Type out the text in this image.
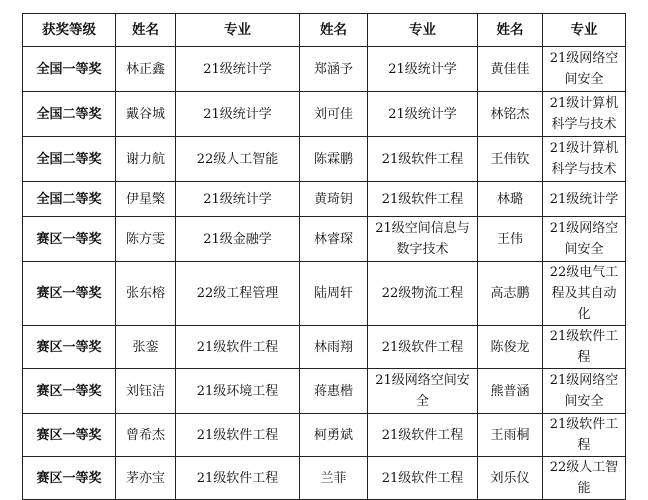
获奖等级	姓名	专业	姓名	专业	姓名	专业
全国一等奖	林正鑫	21级统计学	郑涵予	21级统计学	黄佳佳	21级网络空间安全
全国二等奖	戴谷城	21级统计学	刘可佳	21级统计学	林铭杰	21级计算机科学与技术
全国二等奖	谢力航	22级人工智能	陈霖鹏	21级软件工程	王伟钦	21级计算机科学与技术
全国二等奖	伊星檠	21级统计学	黄琦钥	21级软件工程	林璐	21级统计学
赛区一等奖	陈方雯	21级金融学	林睿琛	21级空间信息与数字技术	王伟	21级网络空间安全
赛区一等奖	张东榕	22级工程管理	陆周轩	22级物流工程	高志鹏	22级电气工程及其自动化
赛区一等奖	张銮	21级软件工程	林雨翔	21级软件工程	陈俊龙	21级软件工程
赛区一等奖	刘钰洁	21级环境工程	蒋惠楷	21级网络空间安全	熊普涵	21级网络空间安全
赛区一等奖	曾希杰	21级软件工程	柯勇斌	21级软件工程	王雨桐	21级软件工程
赛区一等奖	茅亦宝	21级软件工程	兰菲	21级软件工程	刘乐仪	22级人工智能
